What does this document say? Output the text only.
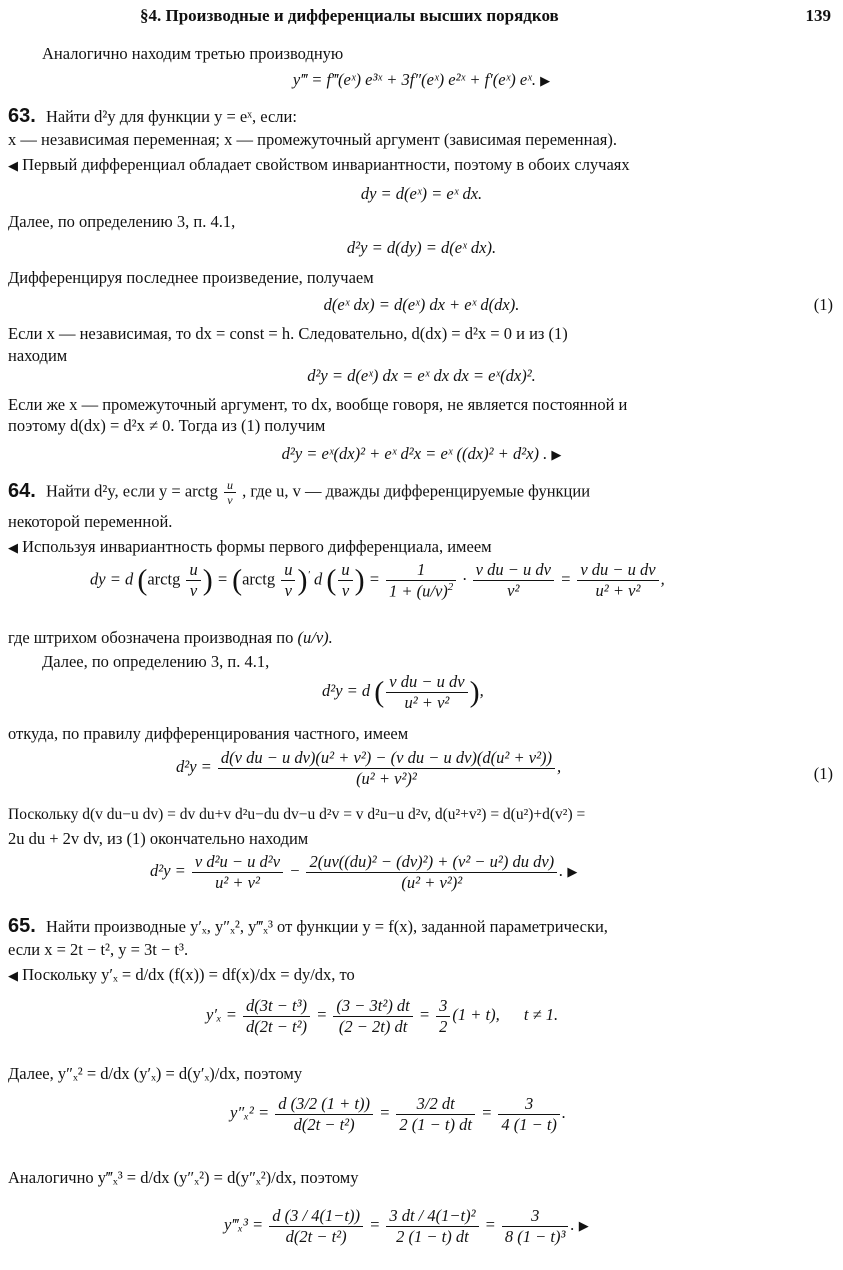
§4. Производные и дифференциалы высших порядков	139
Аналогично находим третью производную
y‴ = f‴(eˣ) e³ˣ + 3f″(eˣ) e²ˣ + f′(eˣ) eˣ. ▶
63. Найти d²y для функции y = eˣ, если:
x — независимая переменная; x — промежуточный аргумент (зависимая переменная).
◀ Первый дифференциал обладает свойством инвариантности, поэтому в обоих случаях
dy = d(eˣ) = eˣ dx.
Далее, по определению 3, п. 4.1,
d²y = d(dy) = d(eˣ dx).
Дифференцируя последнее произведение, получаем
d(eˣ dx) = d(eˣ) dx + eˣ d(dx).	(1)
Если x — независимая, то dx = const = h. Следовательно, d(dx) = d²x = 0 и из (1)
находим
d²y = d(eˣ) dx = eˣ dx dx = eˣ(dx)².
Если же x — промежуточный аргумент, то dx, вообще говоря, не является постоянной и
поэтому d(dx) = d²x ≠ 0. Тогда из (1) получим
d²y = eˣ(dx)² + eˣ d²x = eˣ ((dx)² + d²x) . ▶
64. Найти d²y, если y = arctg $\frac{u}{v}$ , где u, v — дважды дифференцируемые функции
некоторой переменной.
◀ Используя инвариантность формы первого дифференциала, имеем
dy = d (arctg $\frac{u}{v}$ ) = (arctg $\frac{u}{v} )'$ d ( $\frac{u}{v}$ ) = $\frac{1}{1 + (u/v)^2} \cdot \frac{\text{v du − u dv}}{\text{v²}} = \frac{\text{v du − u dv}}{\text{u² + v²}}$ ,
где штрихом обозначена производная по (u/v).
Далее, по определению 3, п. 4.1,
d²y = d ( $\frac{\text{v du − u dv}}{\text{u² + v²}}$ ),
откуда, по правилу дифференцирования частного, имеем
$d^2y = \frac{\text{d(v du − u dv)(u² + v²) − (v du − u dv)(d(u² + v²))}}{\text{(u² + v²)²}}$ ,	(1)
Поскольку d(v du−u dv) = dv du+v d²u−du dv−u d²v = v d²u−u d²v, d(u²+v²) = d(u²)+d(v²) =
2u du + 2v dv, из (1) окончательно находим
$d^2y = \frac{\text{v d²u − u d²v}}{\text{u² + v²}} - \frac{\text{2(uv((du)² − (dv)²) + (v² − u²) du dv)}}{\text{(u² + v²)²}}$ . ▶
65. Найти производные y′ₓ, y″ₓ², y‴ₓ³ от функции y = f(x), заданной параметрически,
если x = 2t − t², y = 3t − t³.
◀ Поскольку y′ₓ = d/dx (f(x)) = df(x)/dx = dy/dx, то
$y'_x = \frac{\text{d(3t − t³)}}{\text{d(2t − t²)}} = \frac{\text{(3 − 3t²) dt}}{(2 - 2t) dt} = \frac{3}{2} (1 + t)$, t ≠ 1.
Далее, y″ₓ² = d/dx (y′ₓ) = d(y′ₓ)/dx, поэтому
$y''_x^2 = \frac{d (3/2 (1 + t))}{\text{d(2t − t²)}} = \frac{3/2 dt}{2 (1 - t) dt} = \frac{3}{4 (1 - t)}$ .
Аналогично y‴ₓ³ = d/dx (y″ₓ²) = d(y″ₓ²)/dx, поэтому
y‴ₓ³ = $\frac{d (3 / 4(1-t))}{\text{d(2t − t²)}} = \frac{\text{3 dt / 4(1−t)²}}{2 (1 - t) dt} = \frac{3}{\text{8 (1 − t)³}}$ . ▶
